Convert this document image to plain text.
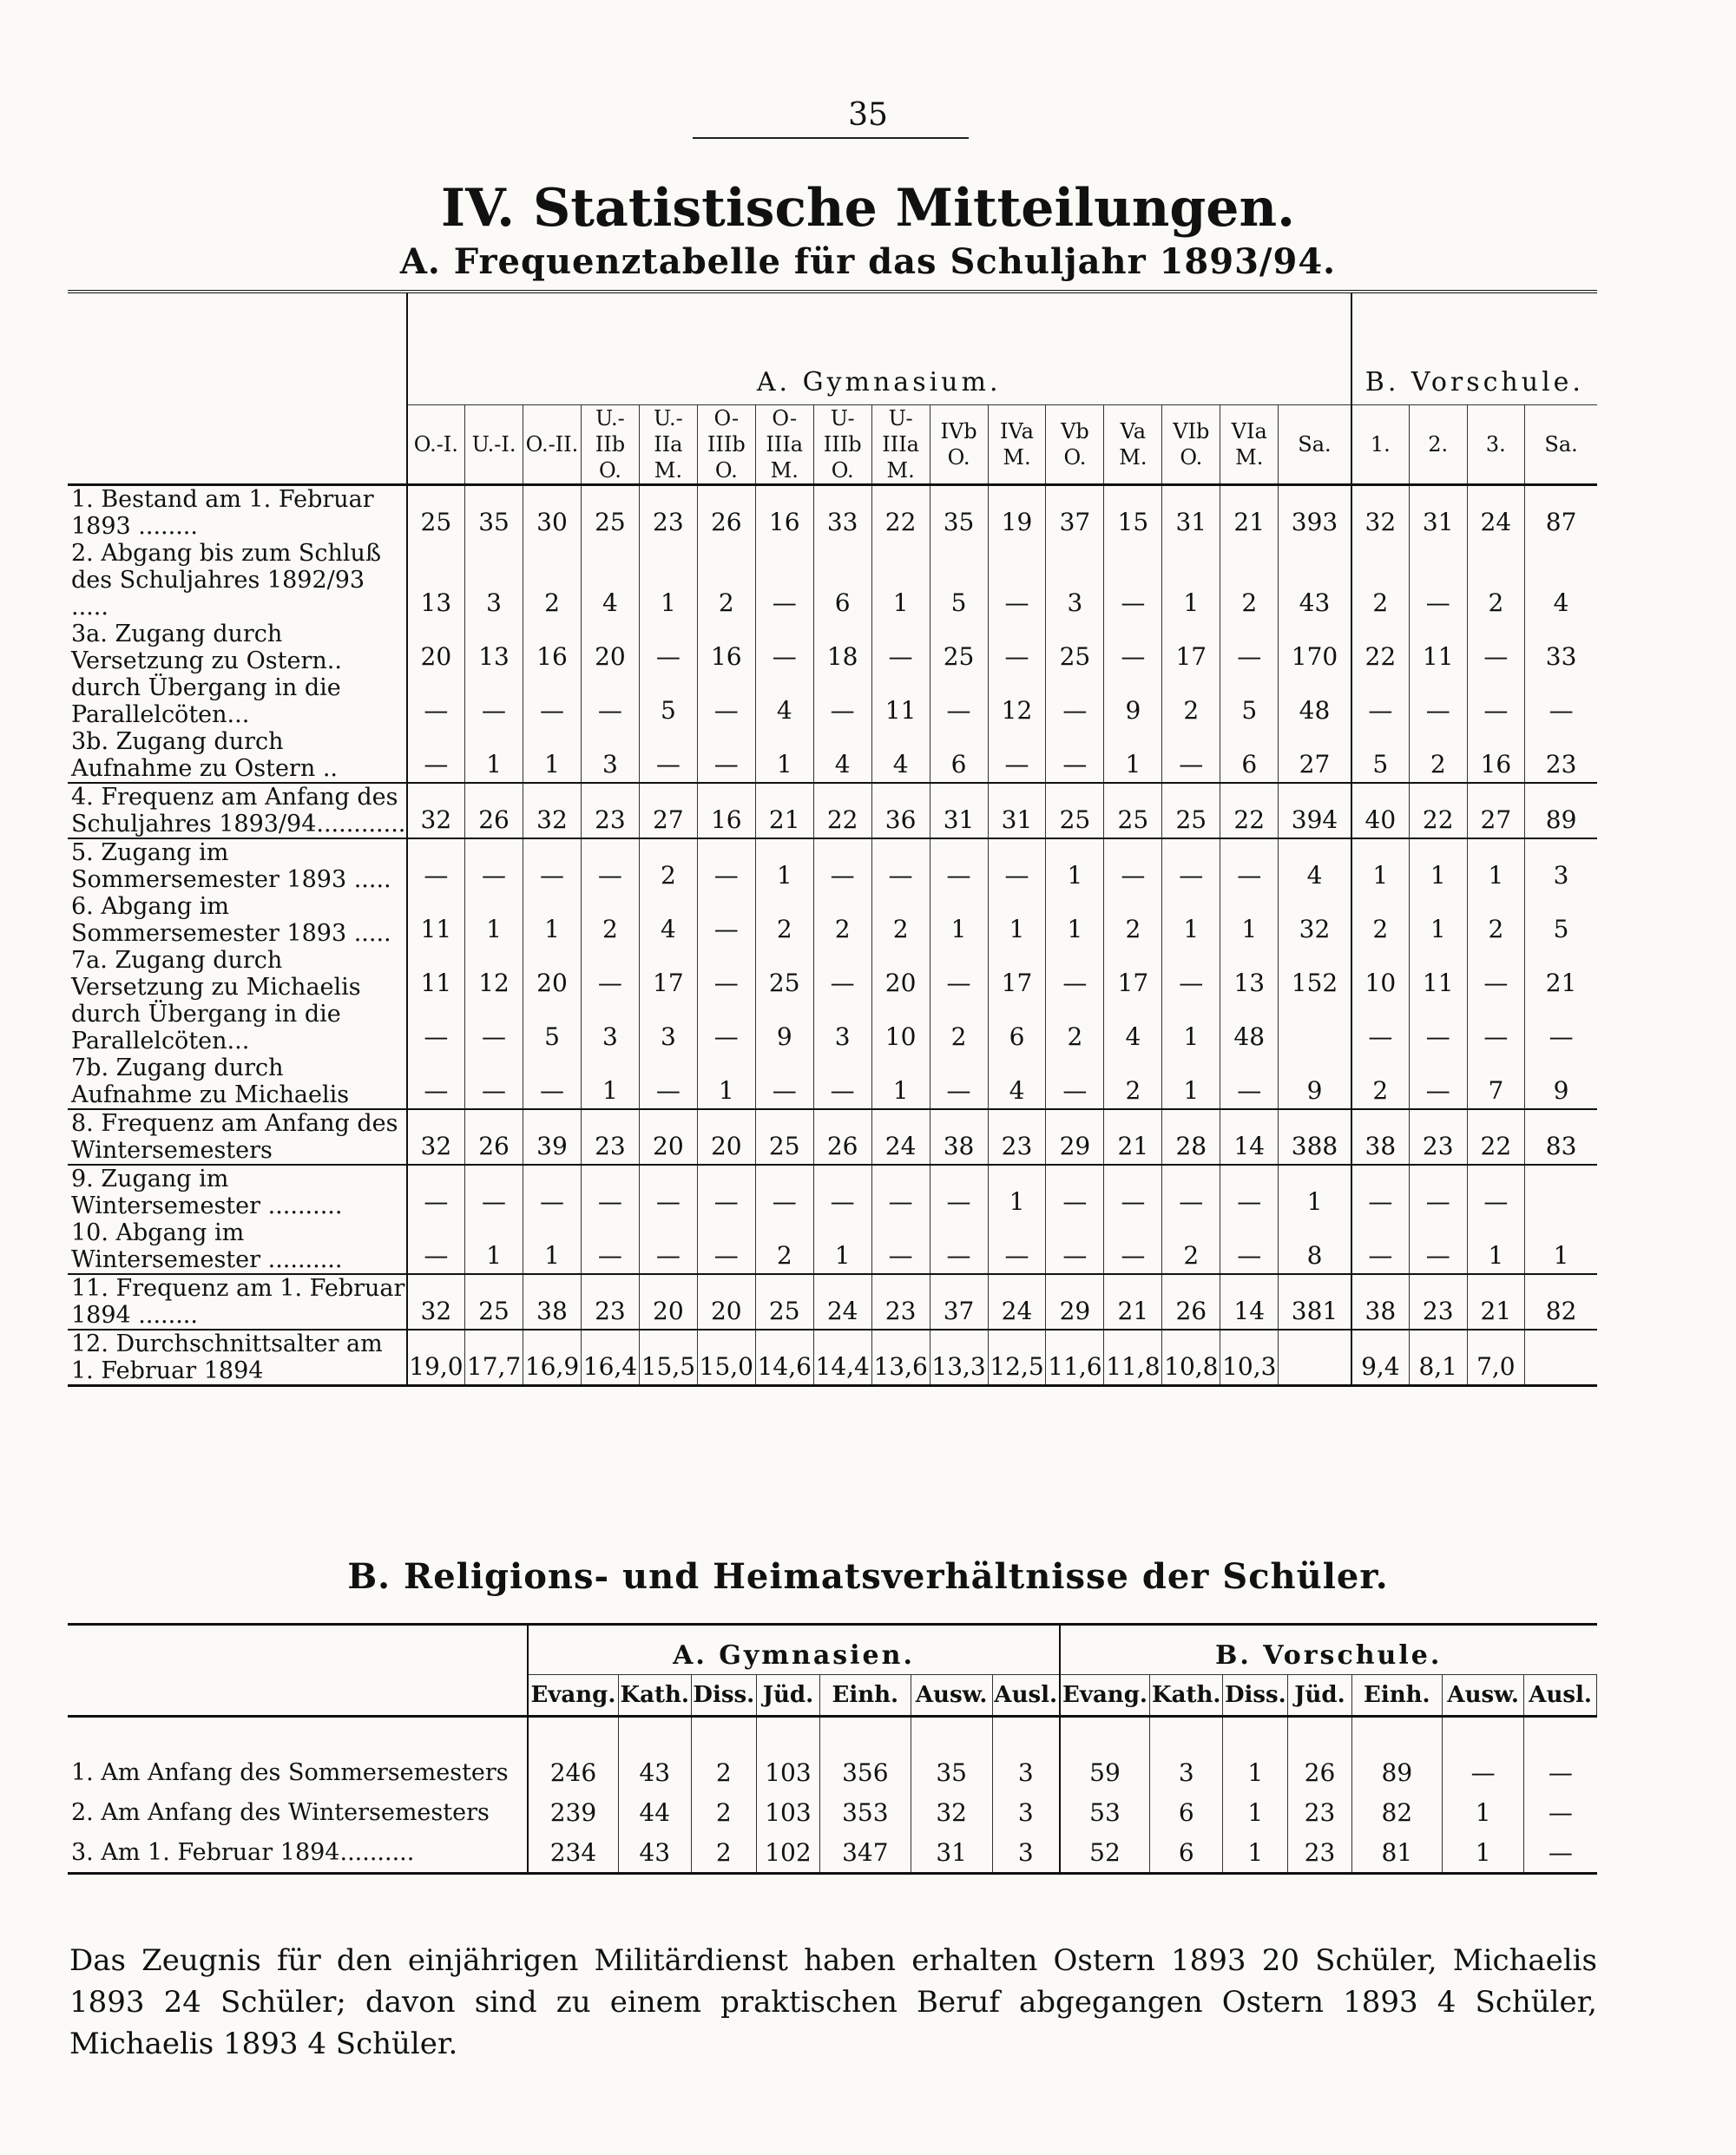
35
IV. Statistische Mitteilungen.
A. Frequenztabelle für das Schuljahr 1893/94.
	A. Gymnasium.																B. Vorschule.			
	O.-I.	U.-I.	O.-II.	U.-IIb O.	U.-IIa M.	O-IIIb O.	O-IIIa M.	U-IIIb O.	U-IIIa M.	IVb O.	IVa M.	Vb O.	Va M.	VIb O.	VIa M.	Sa.	1.	2.	3.	Sa.
1. Bestand am 1. Februar 1893 ........	25	35	30	25	23	26	16	33	22	35	19	37	15	31	21	393	32	31	24	87
2. Abgang bis zum Schluß des Schuljahres 1892/93 .....	13	3	2	4	1	2	—	6	1	5	—	3	—	1	2	43	2	—	2	4
3a. Zugang durch Versetzung zu Ostern..	20	13	16	20	—	16	—	18	—	25	—	25	—	17	—	170	22	11	—	33
durch Übergang in die Parallelcöten...	—	—	—	—	5	—	4	—	11	—	12	—	9	2	5	48	—	—	—	—
3b. Zugang durch Aufnahme zu Ostern ..	—	1	1	3	—	—	1	4	4	6	—	—	1	—	6	27	5	2	16	23
4. Frequenz am Anfang des Schuljahres 1893/94............	32	26	32	23	27	16	21	22	36	31	31	25	25	25	22	394	40	22	27	89
5. Zugang im Sommersemester 1893 .....	—	—	—	—	2	—	1	—	—	—	—	1	—	—	—	4	1	1	1	3
6. Abgang im Sommersemester 1893 .....	11	1	1	2	4	—	2	2	2	1	1	1	2	1	1	32	2	1	2	5
7a. Zugang durch Versetzung zu Michaelis	11	12	20	—	17	—	25	—	20	—	17	—	17	—	13	152	10	11	—	21
durch Übergang in die Parallelcöten...	—	—	5	3	3	—	9	3	10	2	6	2	4	1	48		—	—	—	—
7b. Zugang durch Aufnahme zu Michaelis	—	—	—	1	—	1	—	—	1	—	4	—	2	1	—	9	2	—	7	9
8. Frequenz am Anfang des Wintersemesters	32	26	39	23	20	20	25	26	24	38	23	29	21	28	14	388	38	23	22	83
9. Zugang im Wintersemester ..........	—	—	—	—	—	—	—	—	—	—	1	—	—	—	—	1	—	—	—	
10. Abgang im Wintersemester ..........	—	1	1	—	—	—	2	1	—	—	—	—	—	2	—	8	—	—	1	1
11. Frequenz am 1. Februar 1894 ........	32	25	38	23	20	20	25	24	23	37	24	29	21	26	14	381	38	23	21	82
12. Durchschnittsalter am 1. Februar 1894	19,0	17,7	16,9	16,4	15,5	15,0	14,6	14,4	13,6	13,3	12,5	11,6	11,8	10,8	10,3		9,4	8,1	7,0	
B. Religions- und Heimatsverhältnisse der Schüler.
	A. Gymnasien.							B. Vorschule.						
	Evang.	Kath.	Diss.	Jüd.	Einh.	Ausw.	Ausl.	Evang.	Kath.	Diss.	Jüd.	Einh.	Ausw.	Ausl.
1. Am Anfang des Sommersemesters	246	43	2	103	356	35	3	59	3	1	26	89	—	—
2. Am Anfang des Wintersemesters	239	44	2	103	353	32	3	53	6	1	23	82	1	—
3. Am 1. Februar 1894..........	234	43	2	102	347	31	3	52	6	1	23	81	1	—
Das Zeugnis für den einjährigen Militärdienst haben erhalten Ostern 1893 20 Schüler, Michaelis 1893 24 Schüler; davon sind zu einem praktischen Beruf abgegangen Ostern 1893 4 Schüler, Michaelis 1893 4 Schüler.
